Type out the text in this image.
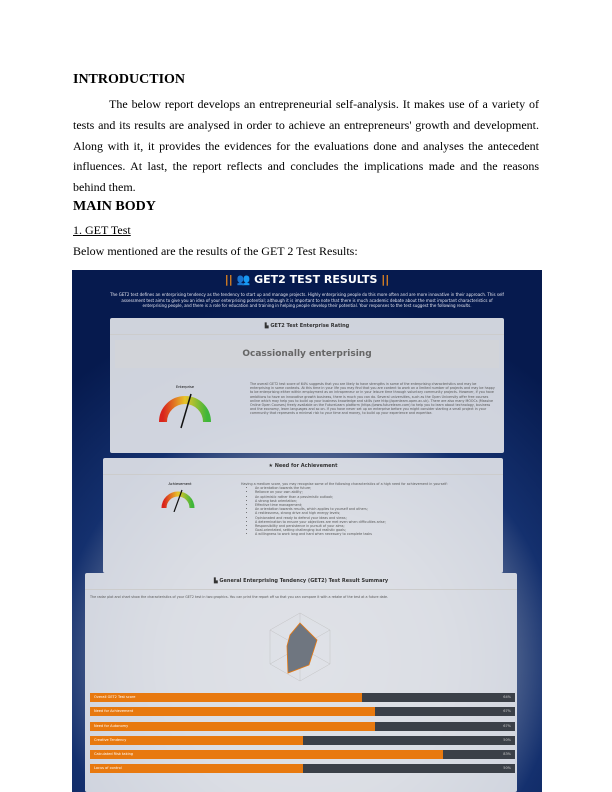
INTRODUCTION
The below report develops an entrepreneurial self-analysis. It makes use of a variety of tests and its results are analysed in order to achieve an entrepreneurs' growth and development. Along with it, it provides the evidences for the evaluations done and analyses the antecedent influences. At last, the report reflects and concludes the implications made and the reasons behind them.
MAIN BODY
1. GET Test
Below mentioned are the results of the GET 2 Test Results:
|| 👥 GET2 TEST RESULTS ||
The GET2 test defines an enterprising tendency as the tendency to start up and manage projects. Highly enterprising people do this more often and are more innovative in their approach. This self assessment test aims to give you an idea of your enterprising potential; although it is important to note that there is much academic debate about the most important characteristics of enterprising people, and there is a role for education and training in helping people develop their potential. Your responses to the test suggest the following results.
▙ GET2 Test Enterprise Rating
Ocassionally enterprising
Enterprise
The overall GET2 test score of 64% suggests that you are likely to have strengths in some of the enterprising characteristics and may be enterprising in some contexts. At this time in your life you may find that you are content to work on a limited number of projects and may be happy to be enterprising either within employment as an intrapreneur or in your leisure time through voluntary community projects. However, if you have ambitions to have an innovative growth business, there is much you can do. Several universities, such as the Open University offer free courses online which may help you to build up your business knowledge and skills (see http://openlearn.open.ac.uk). There are also many MOOCs (Massive Online Open Courses) freely available on the FutureLearn platform (https://www.futurelearn.com) to help you to learn about technology, business and the economy, learn languages and so on. If you have never set up an enterprise before you might consider starting a small project in your community that represents a minimal risk to your time and money, to build up your experience and expertise.
★ Need for Achievement
Achievement	Having a medium score, you may recognise some of the following characteristics of a high need for achievement in yourself:
• An orientation towards the future;
• Reliance on your own ability;
• An optimistic rather than a pessimistic outlook;
• A strong task orientation;
• Effective time management;
• An orientation towards results, which applies to yourself and others;
• A restlessness, strong drive and high energy levels;
• Opinionated and ready to defend your ideas and views;
• A determination to ensure your objectives are met even when difficulties arise;
• Responsibility and persistence in pursuit of your aims;
• Goal-orientated, setting challenging but realistic goals;
• A willingness to work long and hard when necessary to complete tasks
▙ General Enterprising Tendency (GET2) Test Result Summary
The radar plot and chart show the characteristics of your GET2 test in two graphics. You can print the report off so that you can compare it with a retake of the test at a future date.
Overall GET2 Test score	64%
Need for Achievement	67%
Need for Autonomy	67%
Creative Tendency	50%
Calculated Risk taking	83%
Locus of control	50%
